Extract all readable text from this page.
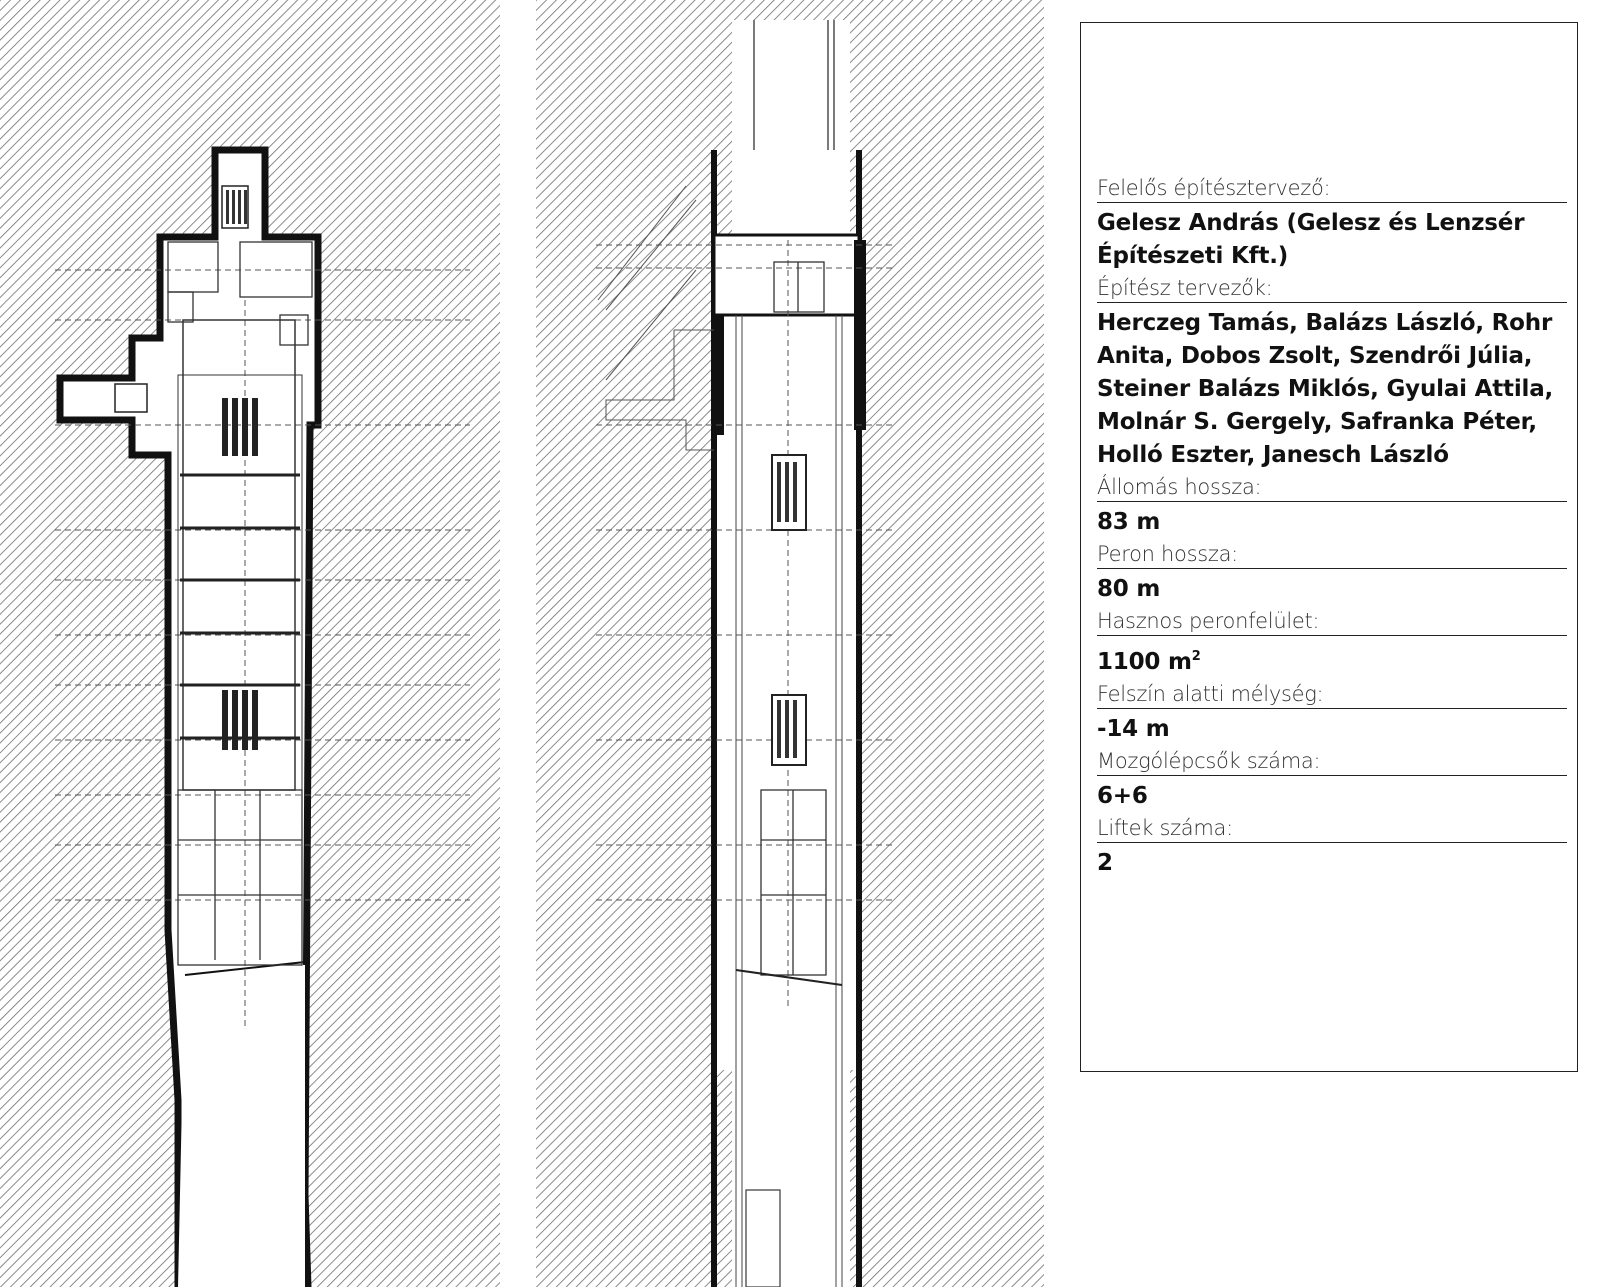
Felelős építésztervező:
Gelesz András (Gelesz és Lenzsér Építészeti Kft.)
Építész tervezők:
Herczeg Tamás, Balázs László, Rohr Anita, Dobos Zsolt, Szendrői Júlia, Steiner Balázs Miklós, Gyulai Attila, Molnár S. Gergely, Safranka Péter, Holló Eszter, Janesch László
Állomás hossza:
83 m
Peron hossza:
80 m
Hasznos peronfelület:
1100 $m^2$
Felszín alatti mélység:
-14 m
Mozgólépcsők száma:
6+6
Liftek száma:
2
